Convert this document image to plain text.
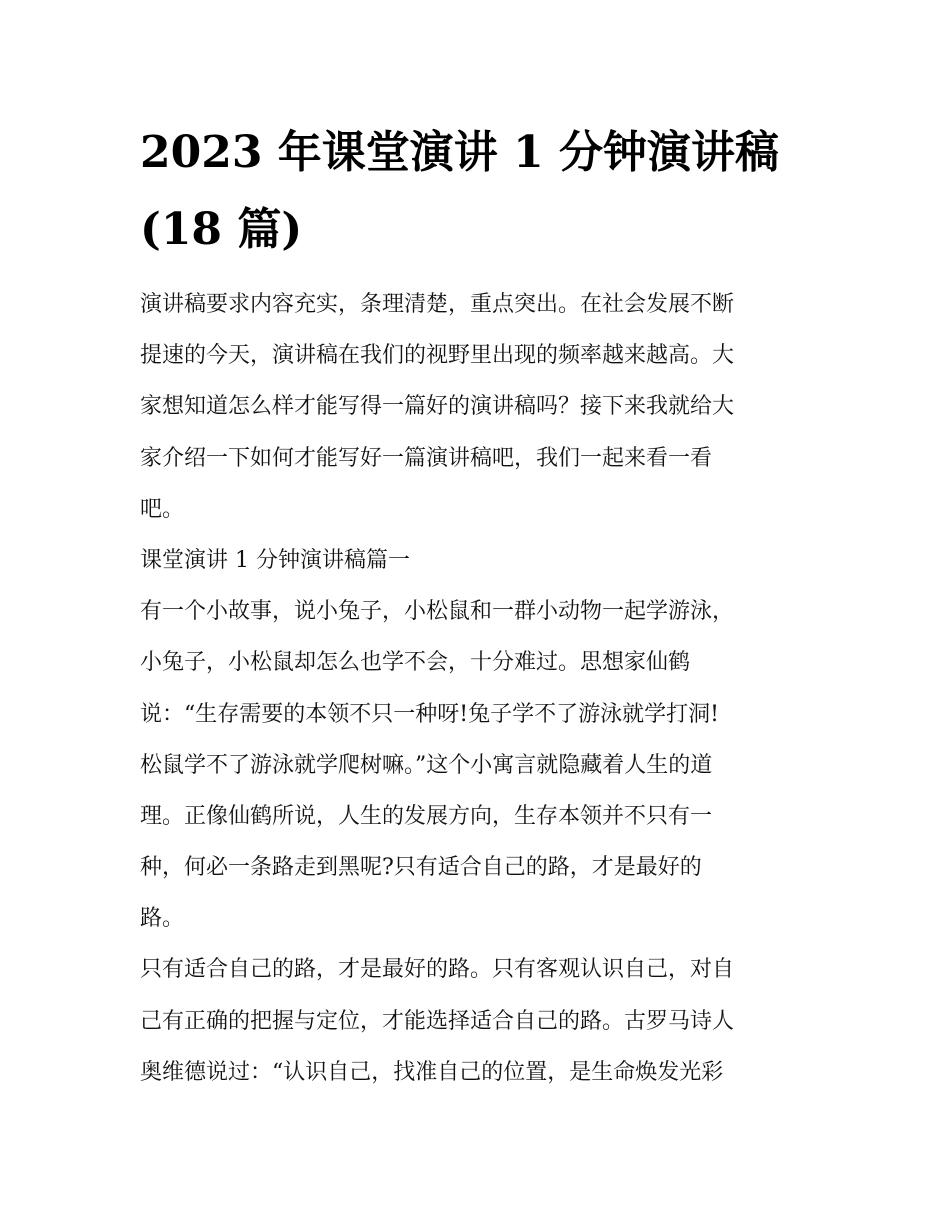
2023 年课堂演讲 1 分钟演讲稿
(18 篇)
演讲稿要求内容充实，条理清楚，重点突出。在社会发展不断
提速的今天，演讲稿在我们的视野里出现的频率越来越高。大
家想知道怎么样才能写得一篇好的演讲稿吗？接下来我就给大
家介绍一下如何才能写好一篇演讲稿吧，我们一起来看一看
吧。
课堂演讲 1 分钟演讲稿篇一
有一个小故事，说小兔子，小松鼠和一群小动物一起学游泳，
小兔子，小松鼠却怎么也学不会，十分难过。思想家仙鹤
说：“生存需要的本领不只一种呀!兔子学不了游泳就学打洞!
松鼠学不了游泳就学爬树嘛。”这个小寓言就隐藏着人生的道
理。正像仙鹤所说，人生的发展方向，生存本领并不只有一
种，何必一条路走到黑呢?只有适合自己的路，才是最好的
路。
只有适合自己的路，才是最好的路。只有客观认识自己，对自
己有正确的把握与定位，才能选择适合自己的路。古罗马诗人
奥维德说过：“认识自己，找准自己的位置，是生命焕发光彩
